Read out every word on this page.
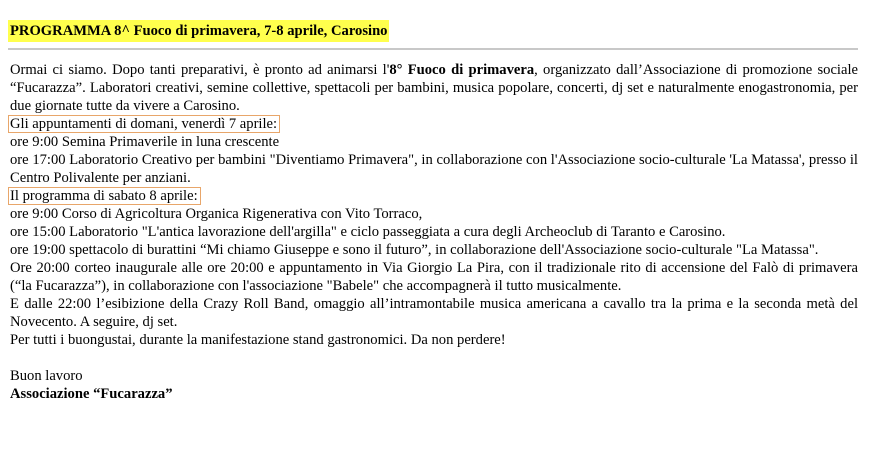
PROGRAMMA 8^ Fuoco di primavera, 7-8 aprile, Carosino

Ormai ci siamo. Dopo tanti preparativi, è pronto ad animarsi l'8° Fuoco di primavera, organizzato dall’Associazione di promozione sociale “Fucarazza”. Laboratori creativi, semine collettive, spettacoli per bambini, musica popolare, concerti, dj set e naturalmente enogastronomia, per due giornate tutte da vivere a Carosino.

Gli appuntamenti di domani, venerdì 7 aprile:

ore 9:00 Semina Primaverile in luna crescente

ore 17:00 Laboratorio Creativo per bambini "Diventiamo Primavera", in collaborazione con l'Associazione socio-culturale 'La Matassa', presso il Centro Polivalente per anziani.

Il programma di sabato 8 aprile:

ore 9:00 Corso di Agricoltura Organica Rigenerativa con Vito Torraco,

ore 15:00 Laboratorio "L'antica lavorazione dell'argilla" e ciclo passeggiata a cura degli Archeoclub di Taranto e Carosino.

ore 19:00 spettacolo di burattini “Mi chiamo Giuseppe e sono il futuro”, in collaborazione dell'Associazione socio-culturale "La Matassa".

Ore 20:00 corteo inaugurale alle ore 20:00 e appuntamento in Via Giorgio La Pira, con il tradizionale rito di accensione del Falò di primavera (“la Fucarazza”), in collaborazione con l'associazione "Babele" che accompagnerà il tutto musicalmente.

E dalle 22:00 l’esibizione della Crazy Roll Band, omaggio all’intramontabile musica americana a cavallo tra la prima e la seconda metà del Novecento. A seguire, dj set.

Per tutti i buongustai, durante la manifestazione stand gastronomici. Da non perdere!

Buon lavoro

Associazione “Fucarazza”
